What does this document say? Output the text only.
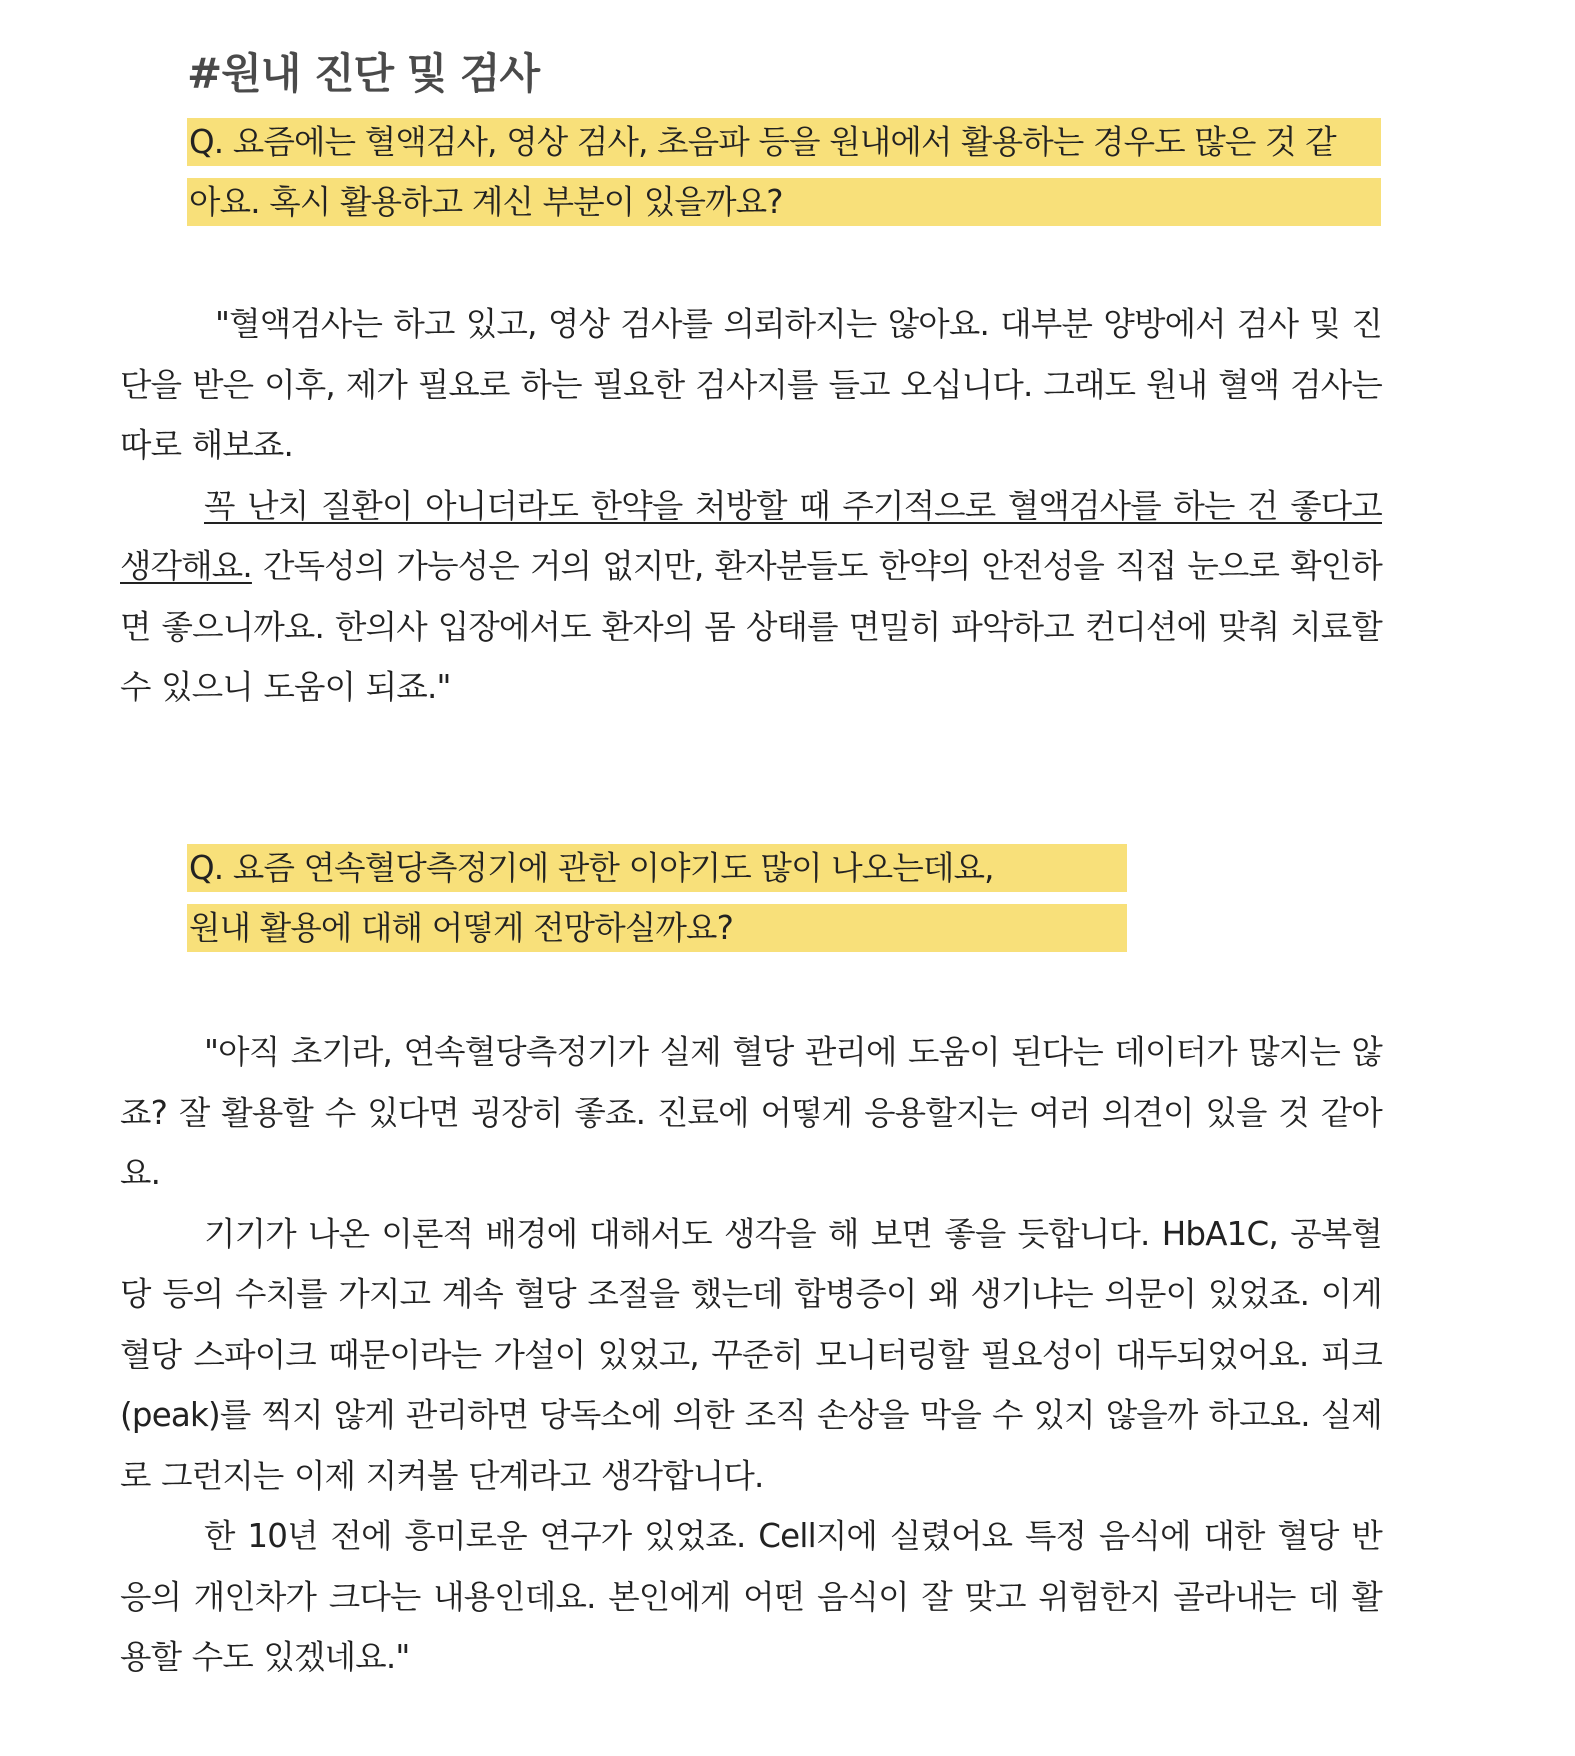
#원내 진단 및 검사
Q. 요즘에는 혈액검사, 영상 검사, 초음파 등을 원내에서 활용하는 경우도 많은 것 같
아요. 혹시 활용하고 계신 부분이 있을까요?

"혈액검사는 하고 있고, 영상 검사를 의뢰하지는 않아요. 대부분 양방에서 검사 및 진단을 받은 이후, 제가 필요로 하는 필요한 검사지를 들고 오십니다. 그래도 원내 혈액 검사는 따로 해보죠.

꼭 난치 질환이 아니더라도 한약을 처방할 때 주기적으로 혈액검사를 하는 건 좋다고 생각해요. 간독성의 가능성은 거의 없지만, 환자분들도 한약의 안전성을 직접 눈으로 확인하면 좋으니까요. 한의사 입장에서도 환자의 몸 상태를 면밀히 파악하고 컨디션에 맞춰 치료할 수 있으니 도움이 되죠."

Q. 요즘 연속혈당측정기에 관한 이야기도 많이 나오는데요,
원내 활용에 대해 어떻게 전망하실까요?

"아직 초기라, 연속혈당측정기가 실제 혈당 관리에 도움이 된다는 데이터가 많지는 않죠? 잘 활용할 수 있다면 굉장히 좋죠. 진료에 어떻게 응용할지는 여러 의견이 있을 것 같아요.

기기가 나온 이론적 배경에 대해서도 생각을 해 보면 좋을 듯합니다. HbA1C, 공복혈당 등의 수치를 가지고 계속 혈당 조절을 했는데 합병증이 왜 생기냐는 의문이 있었죠. 이게 혈당 스파이크 때문이라는 가설이 있었고, 꾸준히 모니터링할 필요성이 대두되었어요. 피크(peak)를 찍지 않게 관리하면 당독소에 의한 조직 손상을 막을 수 있지 않을까 하고요. 실제로 그런지는 이제 지켜볼 단계라고 생각합니다.

한 10년 전에 흥미로운 연구가 있었죠. Cell지에 실렸어요 특정 음식에 대한 혈당 반응의 개인차가 크다는 내용인데요. 본인에게 어떤 음식이 잘 맞고 위험한지 골라내는 데 활용할 수도 있겠네요."
